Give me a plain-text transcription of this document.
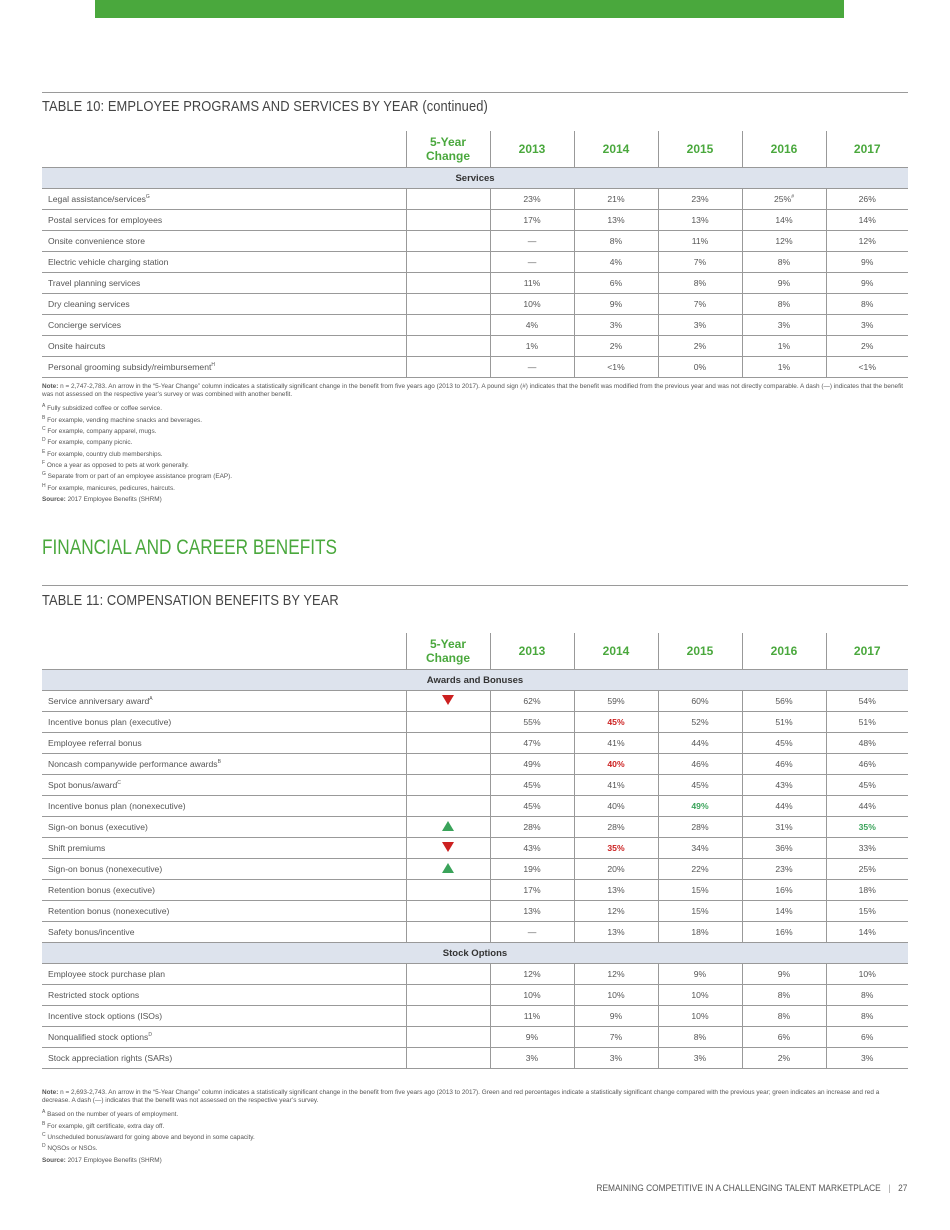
TABLE 10: EMPLOYEE PROGRAMS AND SERVICES BY YEAR (continued)
	5-Year Change	2013	2014	2015	2016	2017
Services						
Legal assistance/services$^G$		23%	21%	23%	25%#	26%
Postal services for employees		17%	13%	13%	14%	14%
Onsite convenience store		—	8%	11%	12%	12%
Electric vehicle charging station		—	4%	7%	8%	9%
Travel planning services		11%	6%	8%	9%	9%
Dry cleaning services		10%	9%	7%	8%	8%
Concierge services		4%	3%	3%	3%	3%
Onsite haircuts		1%	2%	2%	1%	2%
Personal grooming subsidy/reimbursement$^H$		—	<1%	0%	1%	<1%

Note: n = 2,747-2,783. An arrow in the “5-Year Change” column indicates a statistically significant change in the benefit from five years ago (2013 to 2017). A pound sign (#) indicates that the benefit was modified from the previous year and was not directly comparable. A dash (—) indicates that the benefit was not assessed on the respective year’s survey or was combined with another benefit.

$^A$ Fully subsidized coffee or coffee service.

$^B$ For example, vending machine snacks and beverages.

$^C$ For example, company apparel, mugs.

$^D$ For example, company picnic.

$^E$ For example, country club memberships.

$^F$ Once a year as opposed to pets at work generally.

$^G$ Separate from or part of an employee assistance program (EAP).

$^H$ For example, manicures, pedicures, haircuts.

Source: 2017 Employee Benefits (SHRM)

FINANCIAL AND CAREER BENEFITS
TABLE 11: COMPENSATION BENEFITS BY YEAR
	5-Year Change	2013	2014	2015	2016	2017
Awards and Bonuses						
Service anniversary award$^A$		62%	59%	60%	56%	54%
Incentive bonus plan (executive)		55%	45%	52%	51%	51%
Employee referral bonus		47%	41%	44%	45%	48%
Noncash companywide performance awards$^B$		49%	40%	46%	46%	46%
Spot bonus/award$^C$		45%	41%	45%	43%	45%
Incentive bonus plan (nonexecutive)		45%	40%	49%	44%	44%
Sign-on bonus (executive)		28%	28%	28%	31%	35%
Shift premiums		43%	35%	34%	36%	33%
Sign-on bonus (nonexecutive)		19%	20%	22%	23%	25%
Retention bonus (executive)		17%	13%	15%	16%	18%
Retention bonus (nonexecutive)		13%	12%	15%	14%	15%
Safety bonus/incentive		—	13%	18%	16%	14%
Stock Options						
Employee stock purchase plan		12%	12%	9%	9%	10%
Restricted stock options		10%	10%	10%	8%	8%
Incentive stock options (ISOs)		11%	9%	10%	8%	8%
Nonqualified stock options$^D$		9%	7%	8%	6%	6%
Stock appreciation rights (SARs)		3%	3%	3%	2%	3%

Note: n = 2,693-2,743. An arrow in the “5-Year Change” column indicates a statistically significant change in the benefit from five years ago (2013 to 2017). Green and red percentages indicate a statistically significant change compared with the previous year; green indicates an increase and red a decrease. A dash (—) indicates that the benefit was not assessed on the respective year’s survey.

$^A$ Based on the number of years of employment.

$^B$ For example, gift certificate, extra day off.

$^C$ Unscheduled bonus/award for going above and beyond in some capacity.

$^D$ NQSOs or NSOs.

Source: 2017 Employee Benefits (SHRM)

REMAINING COMPETITIVE IN A CHALLENGING TALENT MARKETPLACE | 27
